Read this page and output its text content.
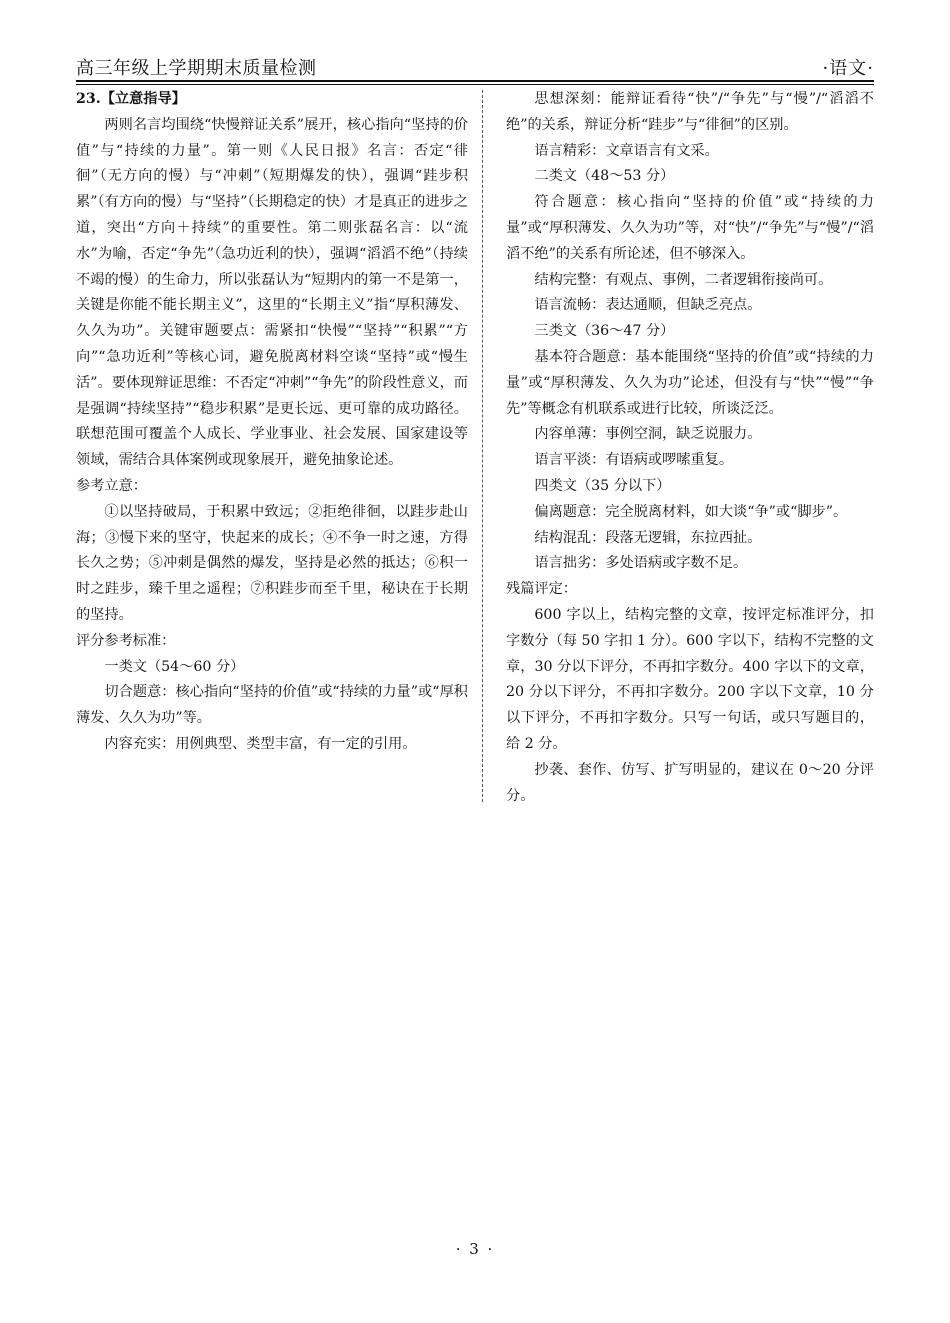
高三年级上学期期末质量检测	·语文·

23.【立意指导】

两则名言均围绕“快慢辩证关系”展开，核心指向“坚持的价值”与“持续的力量”。第一则《人民日报》名言：否定“徘徊”（无方向的慢）与“冲刺”（短期爆发的快），强调“跬步积累”（有方向的慢）与“坚持”（长期稳定的快）才是真正的进步之道，突出“方向＋持续”的重要性。第二则张磊名言：以“流水”为喻，否定“争先”（急功近利的快），强调“滔滔不绝”（持续不竭的慢）的生命力，所以张磊认为“短期内的第一不是第一，关键是你能不能长期主义”，这里的“长期主义”指“厚积薄发、久久为功”。关键审题要点：需紧扣“快慢”“坚持”“积累”“方向”“急功近利”等核心词，避免脱离材料空谈“坚持”或“慢生活”。要体现辩证思维：不否定“冲刺”“争先”的阶段性意义，而是强调“持续坚持”“稳步积累”是更长远、更可靠的成功路径。联想范围可覆盖个人成长、学业事业、社会发展、国家建设等领域，需结合具体案例或现象展开，避免抽象论述。

参考立意：

①以坚持破局，于积累中致远；②拒绝徘徊，以跬步赴山海；③慢下来的坚守，快起来的成长；④不争一时之速，方得长久之势；⑤冲刺是偶然的爆发，坚持是必然的抵达；⑥积一时之跬步，臻千里之遥程；⑦积跬步而至千里，秘诀在于长期的坚持。

评分参考标准：

一类文（54～60 分）

切合题意：核心指向“坚持的价值”或“持续的力量”或“厚积薄发、久久为功”等。

内容充实：用例典型、类型丰富，有一定的引用。

思想深刻：能辩证看待“快”/“争先”与“慢”/“滔滔不绝”的关系，辩证分析“跬步”与“徘徊”的区别。

语言精彩：文章语言有文采。

二类文（48～53 分）

符合题意：核心指向“坚持的价值”或“持续的力量”或“厚积薄发、久久为功”等，对“快”/“争先”与“慢”/“滔滔不绝”的关系有所论述，但不够深入。

结构完整：有观点、事例，二者逻辑衔接尚可。

语言流畅：表达通顺，但缺乏亮点。

三类文（36～47 分）

基本符合题意：基本能围绕“坚持的价值”或“持续的力量”或“厚积薄发、久久为功”论述，但没有与“快”“慢”“争先”等概念有机联系或进行比较，所谈泛泛。

内容单薄：事例空洞，缺乏说服力。

语言平淡：有语病或啰嗦重复。

四类文（35 分以下）

偏离题意：完全脱离材料，如大谈“争”或“脚步”。

结构混乱：段落无逻辑，东拉西扯。

语言拙劣：多处语病或字数不足。

残篇评定：

600 字以上，结构完整的文章，按评定标准评分，扣字数分（每 50 字扣 1 分）。600 字以下，结构不完整的文章，30 分以下评分，不再扣字数分。400 字以下的文章，20 分以下评分，不再扣字数分。200 字以下文章，10 分以下评分，不再扣字数分。只写一句话，或只写题目的，给 2 分。

抄袭、套作、仿写、扩写明显的，建议在 0～20 分评分。

· 3 ·
